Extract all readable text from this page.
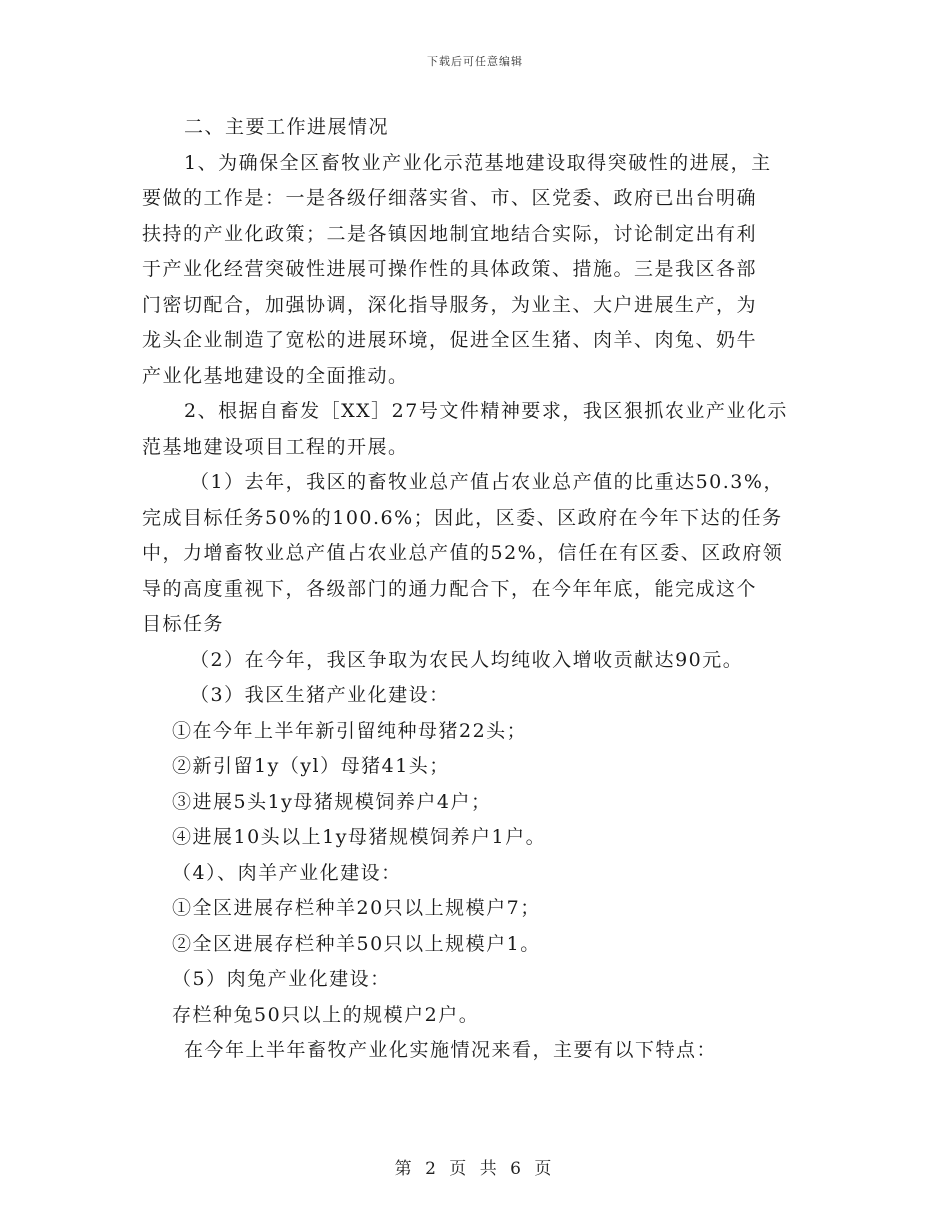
下载后可任意编辑
二、主要工作进展情况
1、为确保全区畜牧业产业化示范基地建设取得突破性的进展，主
要做的工作是：一是各级仔细落实省、市、区党委、政府已出台明确
扶持的产业化政策；二是各镇因地制宜地结合实际，讨论制定出有利
于产业化经营突破性进展可操作性的具体政策、措施。三是我区各部
门密切配合，加强协调，深化指导服务，为业主、大户进展生产，为
龙头企业制造了宽松的进展环境，促进全区生猪、肉羊、肉兔、奶牛
产业化基地建设的全面推动。
2、根据自畜发［XX］27号文件精神要求，我区狠抓农业产业化示
范基地建设项目工程的开展。
（1）去年，我区的畜牧业总产值占农业总产值的比重达50.3%，
完成目标任务50%的100.6%；因此，区委、区政府在今年下达的任务
中，力增畜牧业总产值占农业总产值的52%，信任在有区委、区政府领
导的高度重视下，各级部门的通力配合下，在今年年底，能完成这个
目标任务
（2）在今年，我区争取为农民人均纯收入增收贡献达90元。
（3）我区生猪产业化建设：
①在今年上半年新引留纯种母猪22头；
②新引留1y（yl）母猪41头；
③进展5头1y母猪规模饲养户4户；
④进展10头以上1y母猪规模饲养户1户。
（4）、肉羊产业化建设：
①全区进展存栏种羊20只以上规模户7；
②全区进展存栏种羊50只以上规模户1。
（5）肉兔产业化建设：
存栏种兔50只以上的规模户2户。
在今年上半年畜牧产业化实施情况来看，主要有以下特点：
第 2 页 共 6 页
